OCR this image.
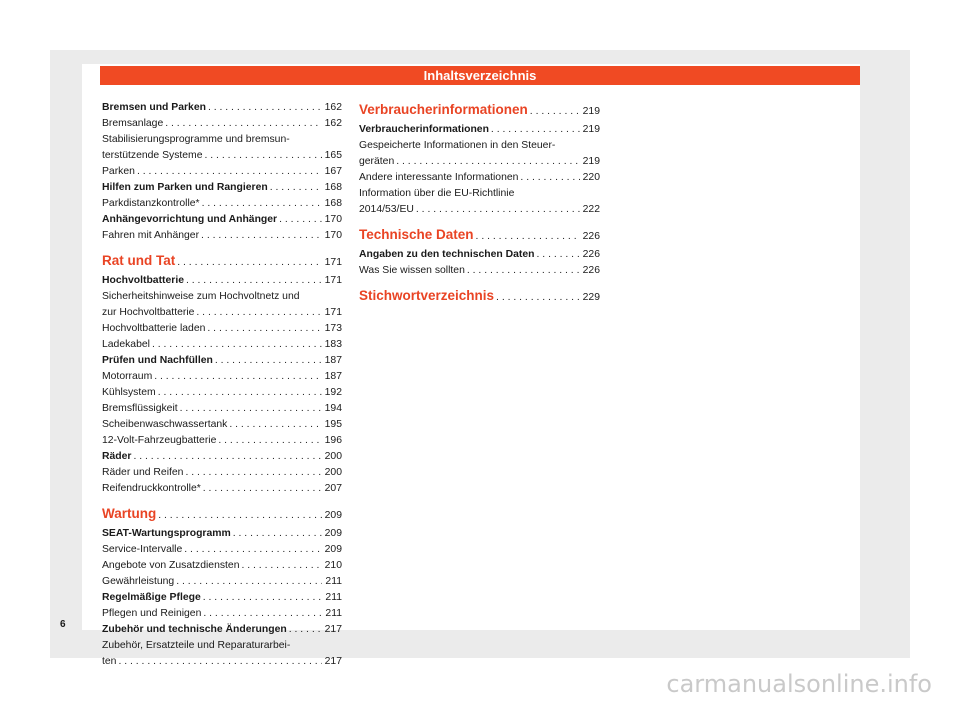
Inhaltsverzeichnis
Bremsen und Parken . . .	162
Bremsanlage . . .	162
Stabilisierungsprogramme und bremsun-
terstützende Systeme . . .	165
Parken . . .	167
Hilfen zum Parken und Rangieren . . .	168
Parkdistanzkontrolle* . . .	168
Anhängevorrichtung und Anhänger . . .	170
Fahren mit Anhänger . . .	170
Rat und Tat . . .	171
Hochvoltbatterie . . .	171
Sicherheitshinweise zum Hochvoltnetz und
zur Hochvoltbatterie . . .	171
Hochvoltbatterie laden . . .	173
Ladekabel . . .	183
Prüfen und Nachfüllen . . .	187
Motorraum . . .	187
Kühlsystem . . .	192
Bremsflüssigkeit . . .	194
Scheibenwaschwassertank . . .	195
12-Volt-Fahrzeugbatterie . . .	196
Räder . . .	200
Räder und Reifen . . .	200
Reifendruckkontrolle* . . .	207
Wartung . . .	209
SEAT-Wartungsprogramm . . .	209
Service-Intervalle . . .	209
Angebote von Zusatzdiensten . . .	210
Gewährleistung . . .	211
Regelmäßige Pflege . . .	211
Pflegen und Reinigen . . .	211
Zubehör und technische Änderungen . . .	217
Zubehör, Ersatzteile und Reparaturarbei-
ten . . .	217
Verbraucherinformationen . . .	219
Verbraucherinformationen . . .	219
Gespeicherte Informationen in den Steuer-
geräten . . .	219
Andere interessante Informationen . . .	220
Information über die EU-Richtlinie
2014/53/EU . . .	222
Technische Daten . . .	226
Angaben zu den technischen Daten . . .	226
Was Sie wissen sollten . . .	226
Stichwortverzeichnis . . .	229
6
carmanualsonline.info
